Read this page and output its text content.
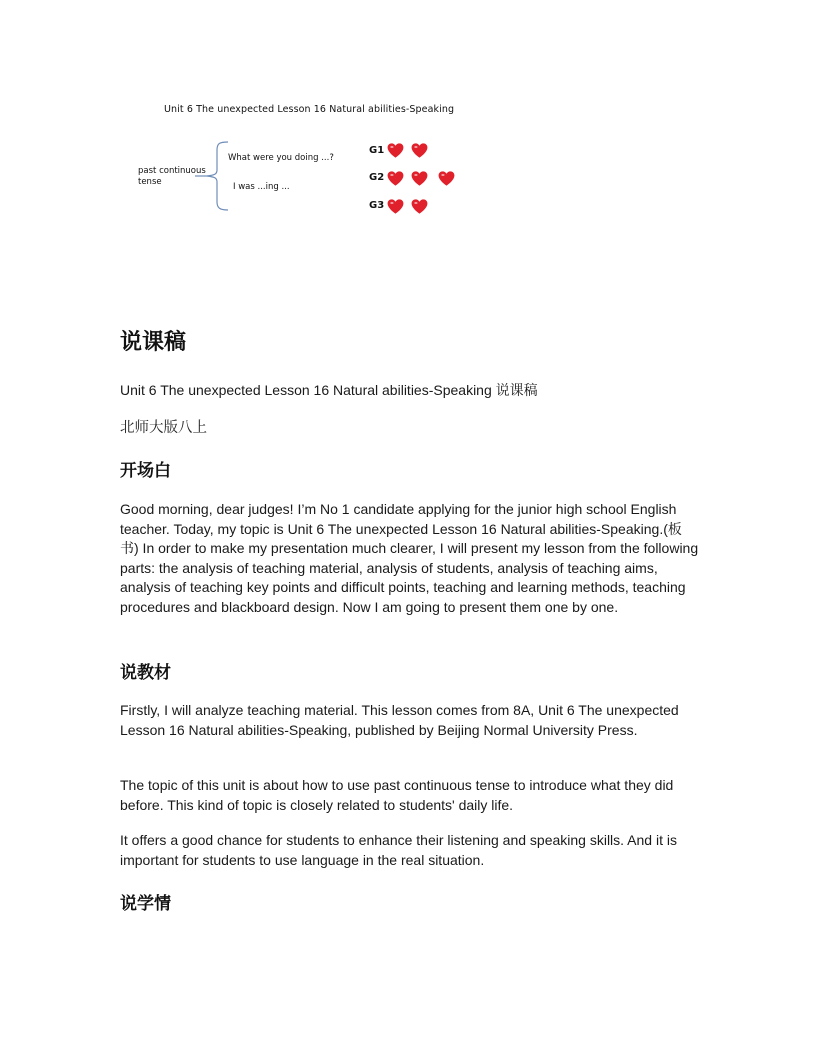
Unit 6 The unexpected Lesson 16 Natural abilities-Speaking
past continuous
tense
What were you doing ...?
I was ...ing ...
G1
G2
G3
说课稿
Unit 6 The unexpected Lesson 16 Natural abilities-Speaking 说课稿
北师大版八上
开场白
Good morning, dear judges! I’m No 1 candidate applying for the junior high school English teacher. Today, my topic is Unit 6 The unexpected Lesson 16 Natural abilities-Speaking.(板书) In order to make my presentation much clearer, I will present my lesson from the following parts: the analysis of teaching material, analysis of students, analysis of teaching aims, analysis of teaching key points and difficult points, teaching and learning methods, teaching procedures and blackboard design. Now I am going to present them one by one.
说教材
Firstly, I will analyze teaching material. This lesson comes from 8A, Unit 6 The unexpected Lesson 16 Natural abilities-Speaking, published by Beijing Normal University Press.
The topic of this unit is about how to use past continuous tense to introduce what they did before. This kind of topic is closely related to students' daily life.
It offers a good chance for students to enhance their listening and speaking skills. And it is important for students to use language in the real situation.
说学情
